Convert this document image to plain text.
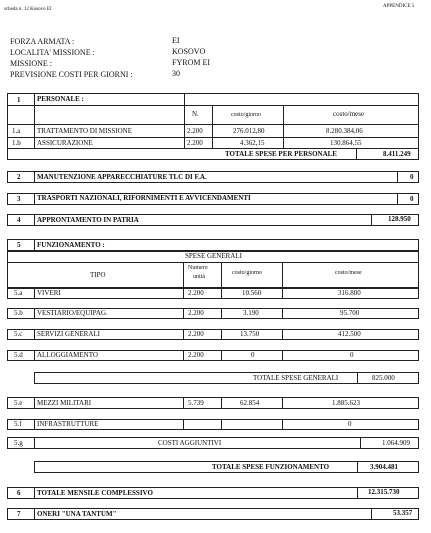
scheda n. 12 Kosovo EI
APPENDICE 5
FORZA ARMATA :	EI
LOCALITA' MISSIONE :	KOSOVO
MISSIONE :	FYROM EI
PREVISIONE COSTI PER GIORNI :	30
1 PERSONALE :
N.	costo/giorno	costo/mese
1.a TRATTAMENTO DI MISSIONE	2.200	276.012,80	8.280.384,06
1.b ASSICURAZIONE	2.200	4.362,15	130.864,55
TOTALE SPESE PER PERSONALE	8.411.249
2 MANUTENZIONE APPARECCHIATURE TLC DI F.A.	0
3 TRASPORTI NAZIONALI, RIFORNIMENTI E AVVICENDAMENTI	0
4 APPRONTAMENTO IN PATRIA	128.950
5 FUNZIONAMENTO :
SPESE GENERALI
TIPO
Numero
unità
costo/giorno	costo/mese
5.a VIVERI	2.200	10.560	316.800
5.b VESTIARIO/EQUIPAG.	2.200	3.190	95.700
5.c SERVIZI GENERALI	2.200	13.750	412.500
5.d ALLOGGIAMENTO	2.200	0	0
TOTALE SPESE GENERALI	825.000
5.e MEZZI MILITARI	5.739	62.854	1.885.623
5.f INFRASTRUTTURE	0
5.g	COSTI AGGIUNTIVI	1.064.909
TOTALE SPESE FUNZIONAMENTO	3.904.481
6 TOTALE MENSILE COMPLESSIVO	12.315.730
7 ONERI "UNA TANTUM"	53.357
